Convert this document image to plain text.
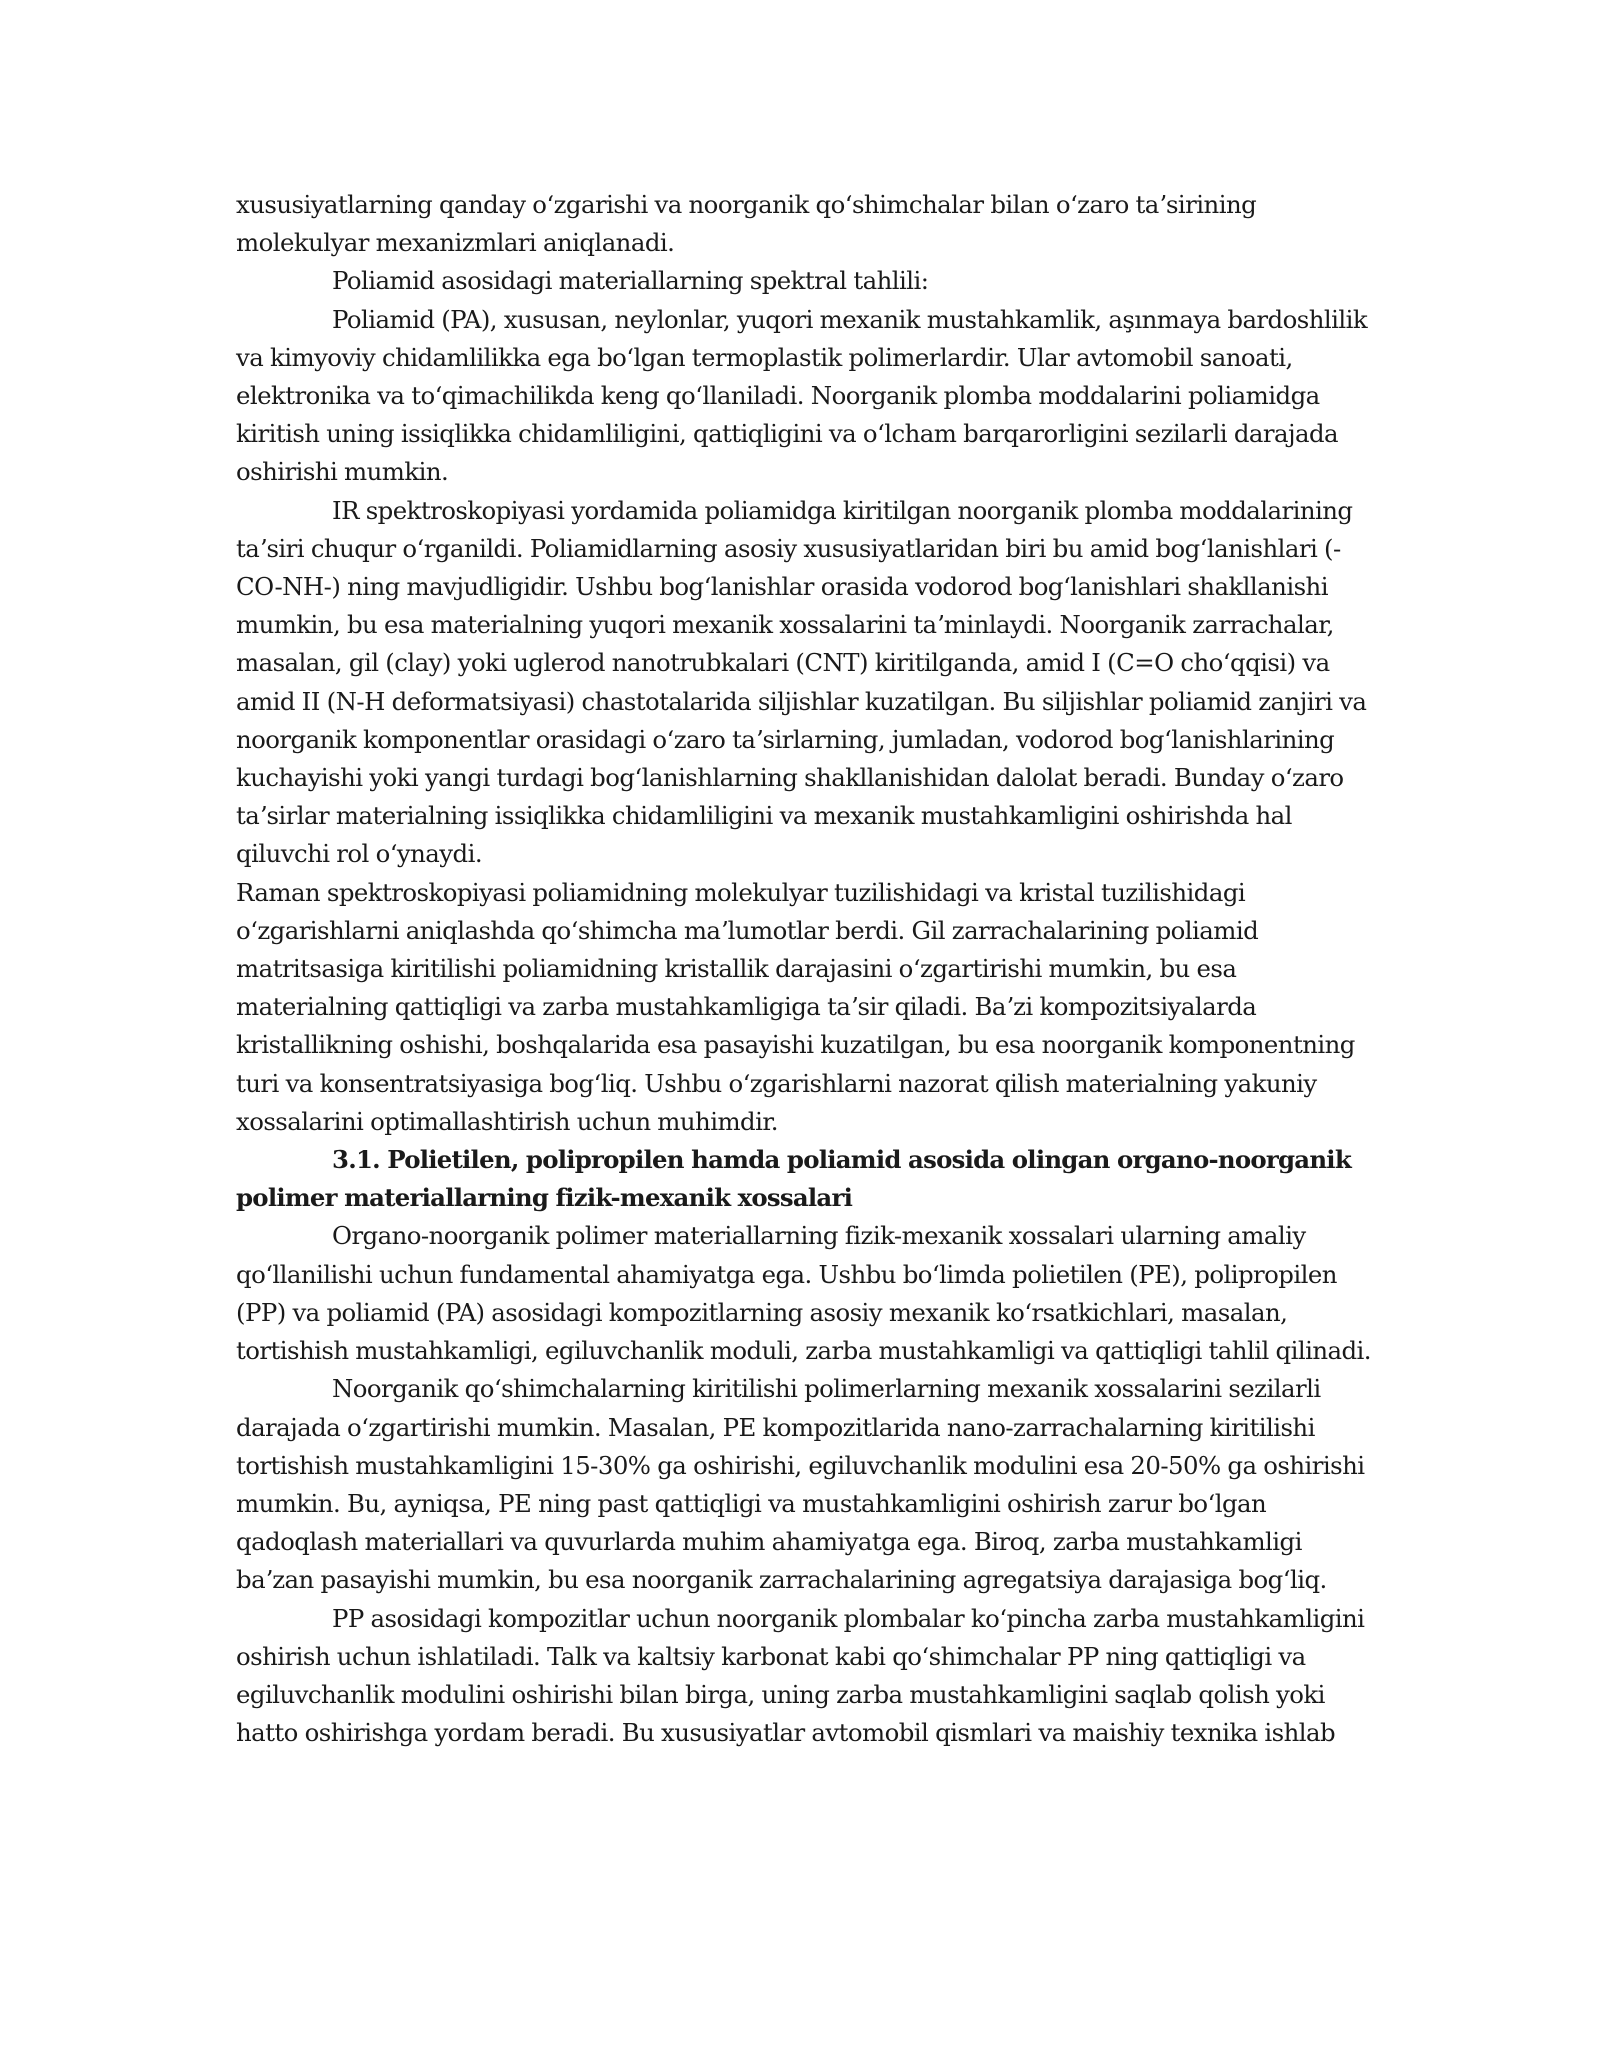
xususiyatlarning qanday oʻzgarishi va noorganik qoʻshimchalar bilan oʻzaro taʼsirining molekulyar mexanizmlari aniqlanadi.

Poliamid asosidagi materiallarning spektral tahlili:

Poliamid (PA), xususan, neylonlar, yuqori mexanik mustahkamlik, aşınmaya bardoshlilik va kimyoviy chidamlilikka ega boʻlgan termoplastik polimerlardir. Ular avtomobil sanoati, elektronika va toʻqimachilikda keng qoʻllaniladi. Noorganik plomba moddalarini poliamidga kiritish uning issiqlikka chidamliligini, qattiqligini va oʻlcham barqarorligini sezilarli darajada oshirishi mumkin.

IR spektroskopiyasi yordamida poliamidga kiritilgan noorganik plomba moddalarining taʼsiri chuqur oʻrganildi. Poliamidlarning asosiy xususiyatlaridan biri bu amid bogʻlanishlari (-CO-NH-) ning mavjudligidir. Ushbu bogʻlanishlar orasida vodorod bogʻlanishlari shakllanishi mumkin, bu esa materialning yuqori mexanik xossalarini taʼminlaydi. Noorganik zarrachalar, masalan, gil (clay) yoki uglerod nanotrubkalari (CNT) kiritilganda, amid I (C=O choʻqqisi) va amid II (N-H deformatsiyasi) chastotalarida siljishlar kuzatilgan. Bu siljishlar poliamid zanjiri va noorganik komponentlar orasidagi oʻzaro taʼsirlarning, jumladan, vodorod bogʻlanishlarining kuchayishi yoki yangi turdagi bogʻlanishlarning shakllanishidan dalolat beradi. Bunday oʻzaro taʼsirlar materialning issiqlikka chidamliligini va mexanik mustahkamligini oshirishda hal qiluvchi rol oʻynaydi.

Raman spektroskopiyasi poliamidning molekulyar tuzilishidagi va kristal tuzilishidagi oʻzgarishlarni aniqlashda qoʻshimcha maʼlumotlar berdi. Gil zarrachalarining poliamid matritsasiga kiritilishi poliamidning kristallik darajasini oʻzgartirishi mumkin, bu esa materialning qattiqligi va zarba mustahkamligiga taʼsir qiladi. Baʼzi kompozitsiyalarda kristallikning oshishi, boshqalarida esa pasayishi kuzatilgan, bu esa noorganik komponentning turi va konsentratsiyasiga bogʻliq. Ushbu oʻzgarishlarni nazorat qilish materialning yakuniy xossalarini optimallashtirish uchun muhimdir.

3.1. Polietilen, polipropilen hamda poliamid asosida olingan organo-noorganik polimer materiallarning fizik-mexanik xossalari

Organo-noorganik polimer materiallarning fizik-mexanik xossalari ularning amaliy qoʻllanilishi uchun fundamental ahamiyatga ega. Ushbu boʻlimda polietilen (PE), polipropilen (PP) va poliamid (PA) asosidagi kompozitlarning asosiy mexanik koʻrsatkichlari, masalan, tortishish mustahkamligi, egiluvchanlik moduli, zarba mustahkamligi va qattiqligi tahlil qilinadi.

Noorganik qoʻshimchalarning kiritilishi polimerlarning mexanik xossalarini sezilarli darajada oʻzgartirishi mumkin. Masalan, PE kompozitlarida nano-zarrachalarning kiritilishi tortishish mustahkamligini 15-30% ga oshirishi, egiluvchanlik modulini esa 20-50% ga oshirishi mumkin. Bu, ayniqsa, PE ning past qattiqligi va mustahkamligini oshirish zarur boʻlgan qadoqlash materiallari va quvurlarda muhim ahamiyatga ega. Biroq, zarba mustahkamligi baʼzan pasayishi mumkin, bu esa noorganik zarrachalarining agregatsiya darajasiga bogʻliq.

PP asosidagi kompozitlar uchun noorganik plombalar koʻpincha zarba mustahkamligini oshirish uchun ishlatiladi. Talk va kaltsiy karbonat kabi qoʻshimchalar PP ning qattiqligi va egiluvchanlik modulini oshirishi bilan birga, uning zarba mustahkamligini saqlab qolish yoki hatto oshirishga yordam beradi. Bu xususiyatlar avtomobil qismlari va maishiy texnika ishlab
